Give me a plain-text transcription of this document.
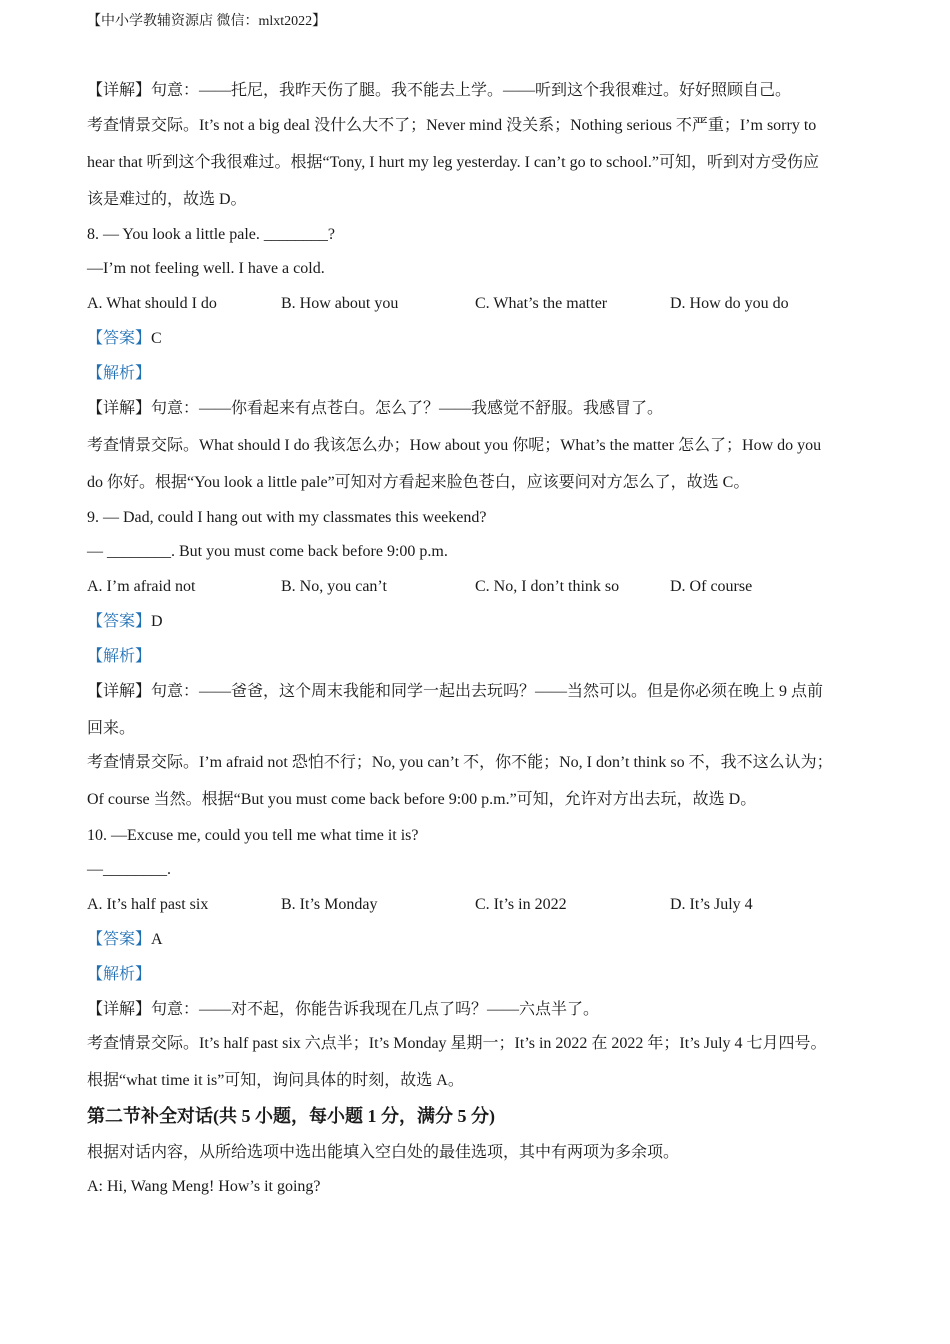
【中小学教辅资源店 微信：mlxt2022】
【详解】句意：——托尼，我昨天伤了腿。我不能去上学。——听到这个我很难过。好好照顾自己。
考查情景交际。It’s not a big deal 没什么大不了；Never mind 没关系；Nothing serious 不严重；I’m sorry to
hear that 听到这个我很难过。根据“Tony, I hurt my leg yesterday. I can’t go to school.”可知，听到对方受伤应
该是难过的，故选 D。
8. — You look a little pale. ________?
—I’m not feeling well. I have a cold.
A. What should I do	B. How about you	C. What’s the matter	D. How do you do
【答案】C
【解析】
【详解】句意：——你看起来有点苍白。怎么了？——我感觉不舒服。我感冒了。
考查情景交际。What should I do 我该怎么办；How about you 你呢；What’s the matter 怎么了；How do you
do 你好。根据“You look a little pale”可知对方看起来脸色苍白，应该要问对方怎么了，故选 C。
9. — Dad, could I hang out with my classmates this weekend?
— ________. But you must come back before 9:00 p.m.
A. I’m afraid not	B. No, you can’t	C. No, I don’t think so	D. Of course
【答案】D
【解析】
【详解】句意：——爸爸，这个周末我能和同学一起出去玩吗？——当然可以。但是你必须在晚上 9 点前
回来。
考查情景交际。I’m afraid not 恐怕不行；No, you can’t 不，你不能；No, I don’t think so 不，我不这么认为；
Of course 当然。根据“But you must come back before 9:00 p.m.”可知，允许对方出去玩，故选 D。
10. —Excuse me, could you tell me what time it is?
—________.
A. It’s half past six	B. It’s Monday	C. It’s in 2022	D. It’s July 4
【答案】A
【解析】
【详解】句意：——对不起，你能告诉我现在几点了吗？——六点半了。
考查情景交际。It’s half past six 六点半；It’s Monday 星期一；It’s in 2022 在 2022 年；It’s July 4 七月四号。
根据“what time it is”可知，询问具体的时刻，故选 A。
第二节补全对话(共 5 小题，每小题 1 分，满分 5 分)
根据对话内容，从所给选项中选出能填入空白处的最佳选项，其中有两项为多余项。
A: Hi, Wang Meng! How’s it going?
